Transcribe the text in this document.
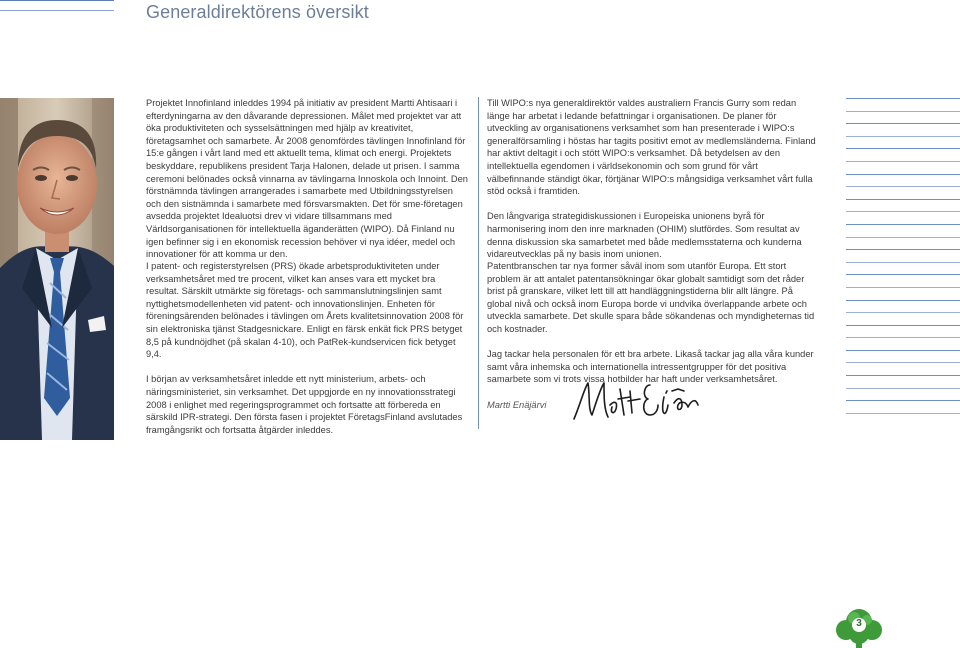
Generaldirektörens översikt

Projektet Innofinland inleddes 1994 på initiativ av president Martti Ahtisaari i efterdyningarna av den dåvarande depressionen. Målet med projektet var att öka produktiviteten och sysselsättningen med hjälp av kreativitet, företagsamhet och samarbete. År 2008 genomfördes tävlingen Innofinland för 15:e gången i vårt land med ett aktuellt tema, klimat och energi. Projektets beskyddare, republikens president Tarja Halonen, delade ut prisen. I samma ceremoni belönades också vinnarna av tävlingarna Innoskola och Innoint. Den förstnämnda tävlingen arrangerades i samarbete med Utbildningsstyrelsen och den sistnämnda i samarbete med försvarsmakten. Det för sme-företagen avsedda projektet Idealuotsi drev vi vidare tillsammans med Världsorganisationen för intellektuella äganderätten (WIPO). Då Finland nu igen befinner sig i en ekonomisk recession behöver vi nya idéer, medel och innovationer för att komma ur den.

I patent- och registerstyrelsen (PRS) ökade arbetsproduktiviteten under verksamhetsåret med tre procent, vilket kan anses vara ett mycket bra resultat. Särskilt utmärkte sig företags- och sammanslutningslinjen samt nyttighetsmodellenheten vid patent- och innovationslinjen. Enheten för föreningsärenden belönades i tävlingen om Årets kvalitetsinnovation 2008 för sin elektroniska tjänst Stadgesnickare. Enligt en färsk enkät fick PRS betyget 8,5 på kundnöjdhet (på skalan 4-10), och PatRek-kundservicen fick betyget 9,4.

I början av verksamhetsåret inledde ett nytt ministerium, arbets- och näringsministeriet, sin verksamhet. Det uppgjorde en ny innovationsstrategi 2008 i enlighet med regeringsprogrammet och fortsatte att förbereda en särskild IPR-strategi. Den första fasen i projektet FöretagsFinland avslutades framgångsrikt och fortsatta åtgärder inleddes.

Till WIPO:s nya generaldirektör valdes australiern Francis Gurry som redan länge har arbetat i ledande befattningar i organisationen. De planer för utveckling av organisationens verksamhet som han presenterade i WIPO:s generalförsamling i höstas har tagits positivt emot av medlemsländerna. Finland har aktivt deltagit i och stött WIPO:s verksamhet. Då betydelsen av den intellektuella egendomen i världsekonomin och som grund för vårt välbefinnande ständigt ökar, förtjänar WIPO:s mångsidiga verksamhet vårt fulla stöd också i framtiden.

Den långvariga strategidiskussionen i Europeiska unionens byrå för harmonisering inom den inre marknaden (OHIM) slutfördes. Som resultat av denna diskussion ska samarbetet med både medlemsstaterna och kunderna vidareutvecklas på ny basis inom unionen.

Patentbranschen tar nya former såväl inom som utanför Europa. Ett stort problem är att antalet patentansökningar ökar globalt samtidigt som det råder brist på granskare, vilket lett till att handläggningstiderna blir allt längre. På global nivå och också inom Europa borde vi undvika överlappande arbete och utveckla samarbete. Det skulle spara både sökandenas och myndigheternas tid och kostnader.

Jag tackar hela personalen för ett bra arbete. Likaså tackar jag alla våra kunder samt våra inhemska och internationella intressentgrupper för det positiva samarbete som vi trots vissa hotbilder har haft under verksamhetsåret.

Martti Enäjärvi

3
